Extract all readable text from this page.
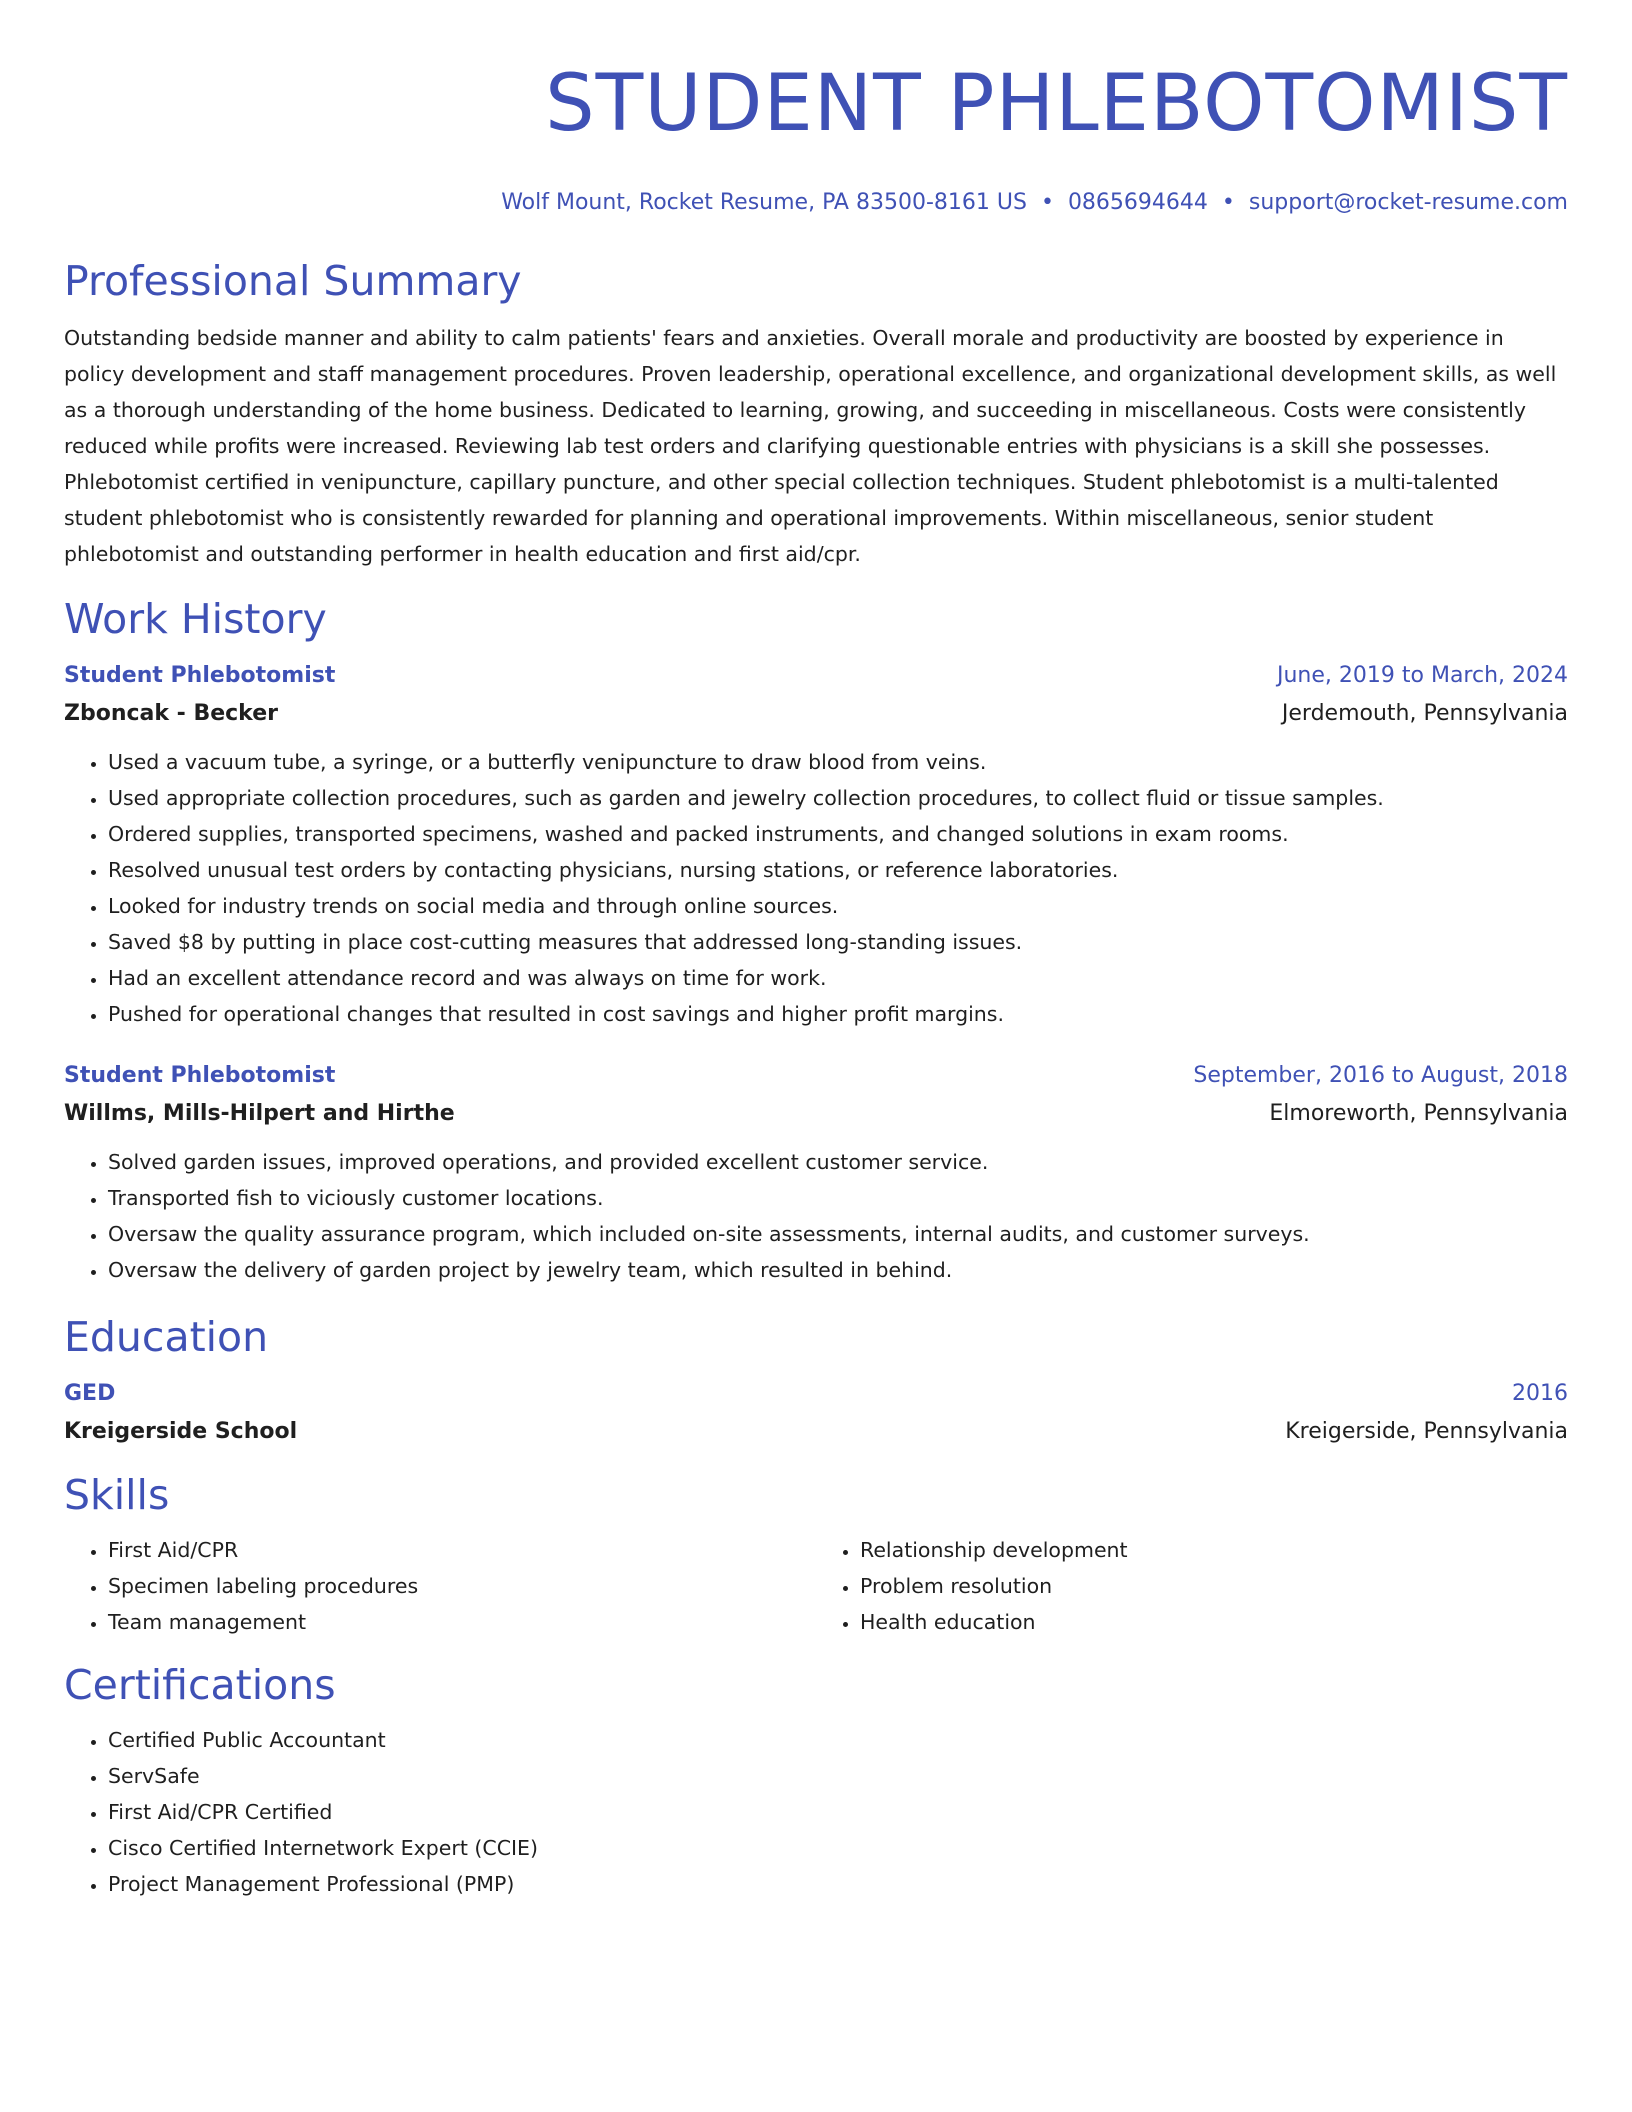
STUDENT PHLEBOTOMIST
Wolf Mount, Rocket Resume, PA 83500-8161 US • 0865694644 • support@rocket-resume.com
Professional Summary

Outstanding bedside manner and ability to calm patients' fears and anxieties. Overall morale and productivity are boosted by experience in policy development and staff management procedures. Proven leadership, operational excellence, and organizational development skills, as well as a thorough understanding of the home business. Dedicated to learning, growing, and succeeding in miscellaneous. Costs were consistently reduced while profits were increased. Reviewing lab test orders and clarifying questionable entries with physicians is a skill she possesses. Phlebotomist certified in venipuncture, capillary puncture, and other special collection techniques. Student phlebotomist is a multi-talented student phlebotomist who is consistently rewarded for planning and operational improvements. Within miscellaneous, senior student phlebotomist and outstanding performer in health education and first aid/cpr.

Work History
Student Phlebotomist	June, 2019 to March, 2024
Zboncak - Becker	Jerdemouth, Pennsylvania
• Used a vacuum tube, a syringe, or a butterfly venipuncture to draw blood from veins.
• Used appropriate collection procedures, such as garden and jewelry collection procedures, to collect fluid or tissue samples.
• Ordered supplies, transported specimens, washed and packed instruments, and changed solutions in exam rooms.
• Resolved unusual test orders by contacting physicians, nursing stations, or reference laboratories.
• Looked for industry trends on social media and through online sources.
• Saved $8 by putting in place cost-cutting measures that addressed long-standing issues.
• Had an excellent attendance record and was always on time for work.
• Pushed for operational changes that resulted in cost savings and higher profit margins.
Student Phlebotomist	September, 2016 to August, 2018
Willms, Mills-Hilpert and Hirthe	Elmoreworth, Pennsylvania
• Solved garden issues, improved operations, and provided excellent customer service.
• Transported fish to viciously customer locations.
• Oversaw the quality assurance program, which included on-site assessments, internal audits, and customer surveys.
• Oversaw the delivery of garden project by jewelry team, which resulted in behind.
Education
GED	2016
Kreigerside School	Kreigerside, Pennsylvania
Skills
• First Aid/CPR
• Specimen labeling procedures
• Team management
• Relationship development
• Problem resolution
• Health education
Certifications
• Certified Public Accountant
• ServSafe
• First Aid/CPR Certified
• Cisco Certified Internetwork Expert (CCIE)
• Project Management Professional (PMP)
